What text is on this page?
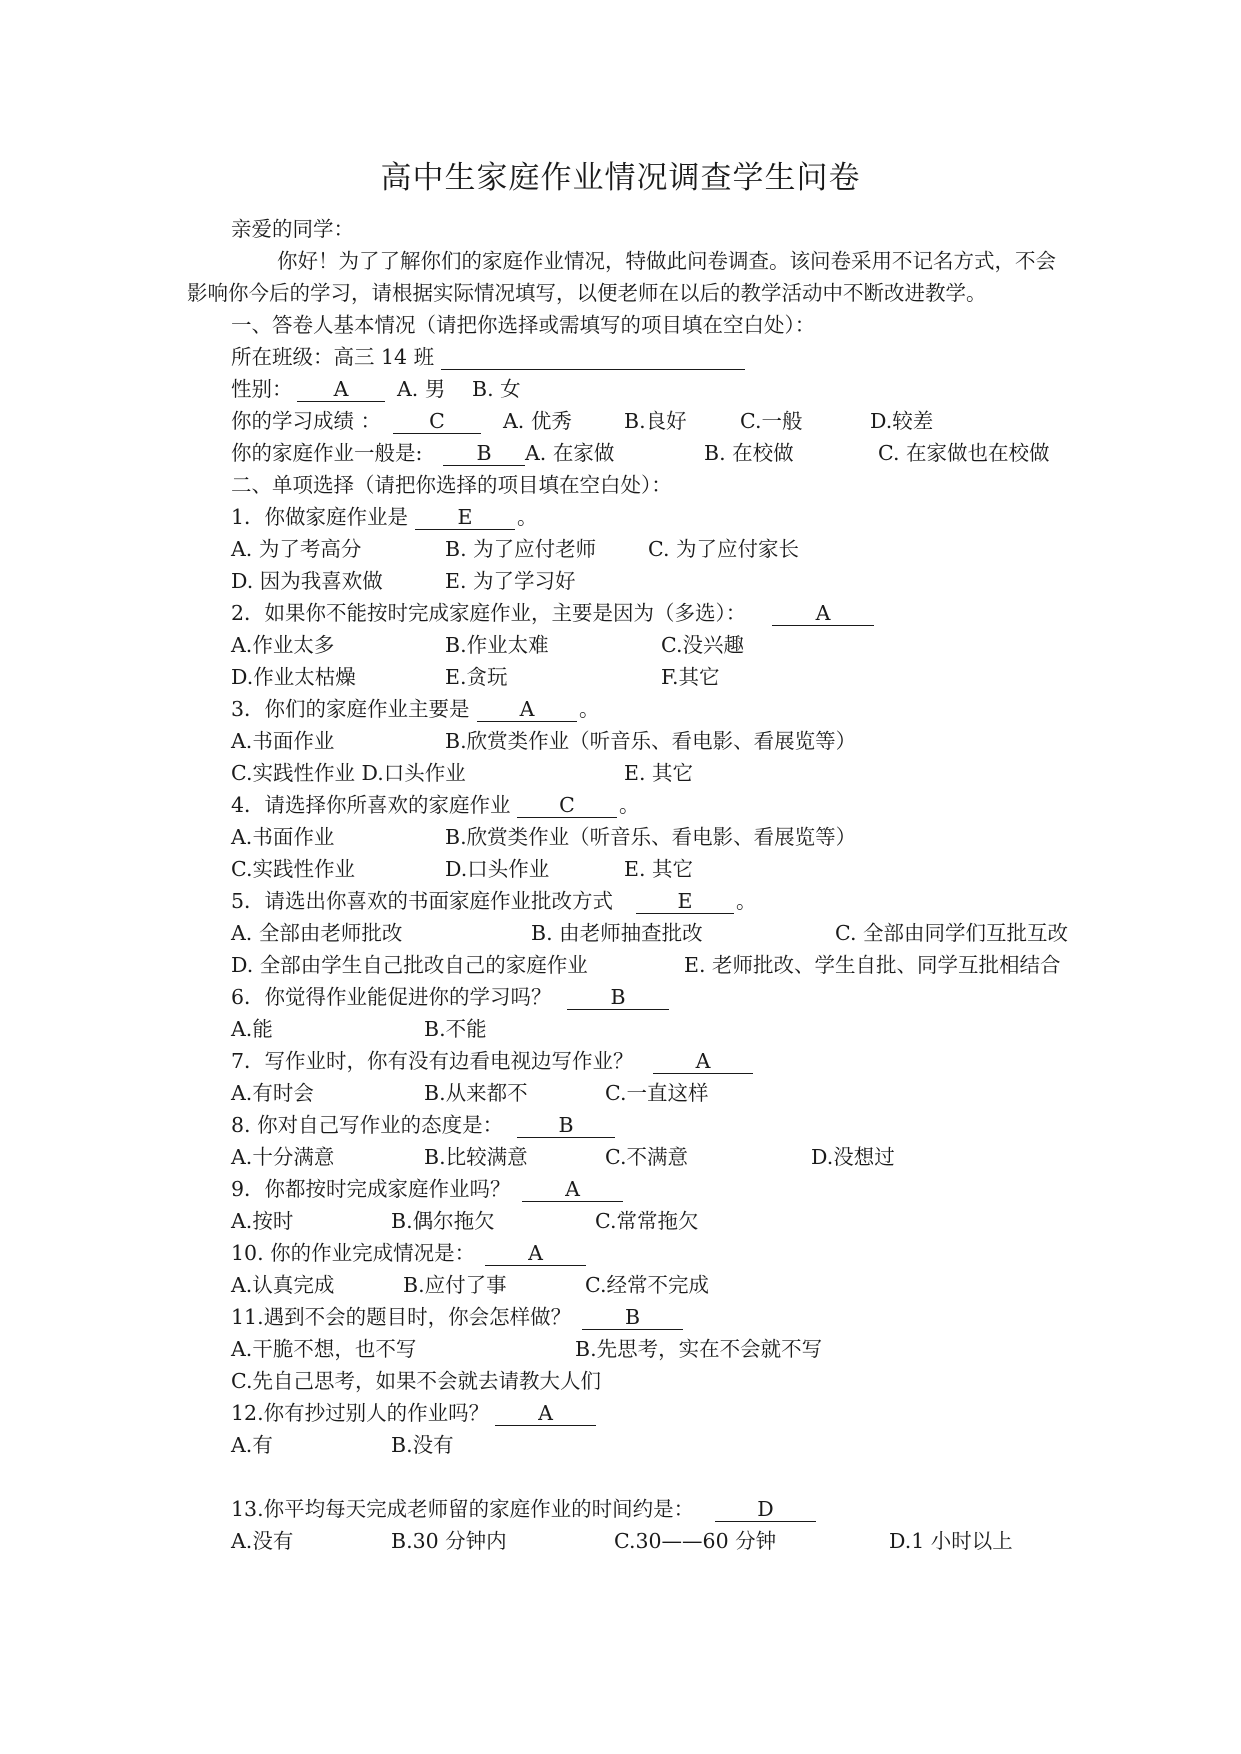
高中生家庭作业情况调查学生问卷
亲爱的同学：
你好！为了了解你们的家庭作业情况，特做此问卷调查。该问卷采用不记名方式，不会
影响你今后的学习，请根据实际情况填写，以便老师在以后的教学活动中不断改进教学。
一、答卷人基本情况（请把你选择或需填写的项目填在空白处）：
所在班级：高三 14 班
性别：	A	A. 男 B. 女
你的学习成绩 ：	C	A. 优秀	B.良好	C.一般	D.较差
你的家庭作业一般是:	B	A. 在家做	B. 在校做	C. 在家做也在校做
二、单项选择（请把你选择的项目填在空白处）：
1．你做家庭作业是	E	。
A. 为了考高分	B. 为了应付老师	C. 为了应付家长
D. 因为我喜欢做	E. 为了学习好
2．如果你不能按时完成家庭作业，主要是因为（多选）：	A
A.作业太多	B.作业太难	C.没兴趣
D.作业太枯燥	E.贪玩	F.其它
3．你们的家庭作业主要是	A	。
A.书面作业	B.欣赏类作业（听音乐、看电影、看展览等）
C.实践性作业 D.口头作业	E. 其它
4．请选择你所喜欢的家庭作业	C	。
A.书面作业	B.欣赏类作业（听音乐、看电影、看展览等）
C.实践性作业	D.口头作业	E. 其它
5．请选出你喜欢的书面家庭作业批改方式	E	。
A. 全部由老师批改	B. 由老师抽查批改	C. 全部由同学们互批互改
D. 全部由学生自己批改自己的家庭作业	E. 老师批改、学生自批、同学互批相结合
6．你觉得作业能促进你的学习吗？	B
A.能	B.不能
7．写作业时，你有没有边看电视边写作业？	A
A.有时会	B.从来都不	C.一直这样
8. 你对自己写作业的态度是：	B
A.十分满意	B.比较满意	C.不满意	D.没想过
9．你都按时完成家庭作业吗？	A
A.按时	B.偶尔拖欠	C.常常拖欠
10. 你的作业完成情况是：	A
A.认真完成	B.应付了事	C.经常不完成
11.遇到不会的题目时，你会怎样做？	B
A.干脆不想，也不写	B.先思考，实在不会就不写
C.先自己思考，如果不会就去请教大人们
12.你有抄过别人的作业吗？	A
A.有	B.没有
13.你平均每天完成老师留的家庭作业的时间约是：	D
A.没有	B.30 分钟内	C.30——60 分钟	D.1 小时以上
